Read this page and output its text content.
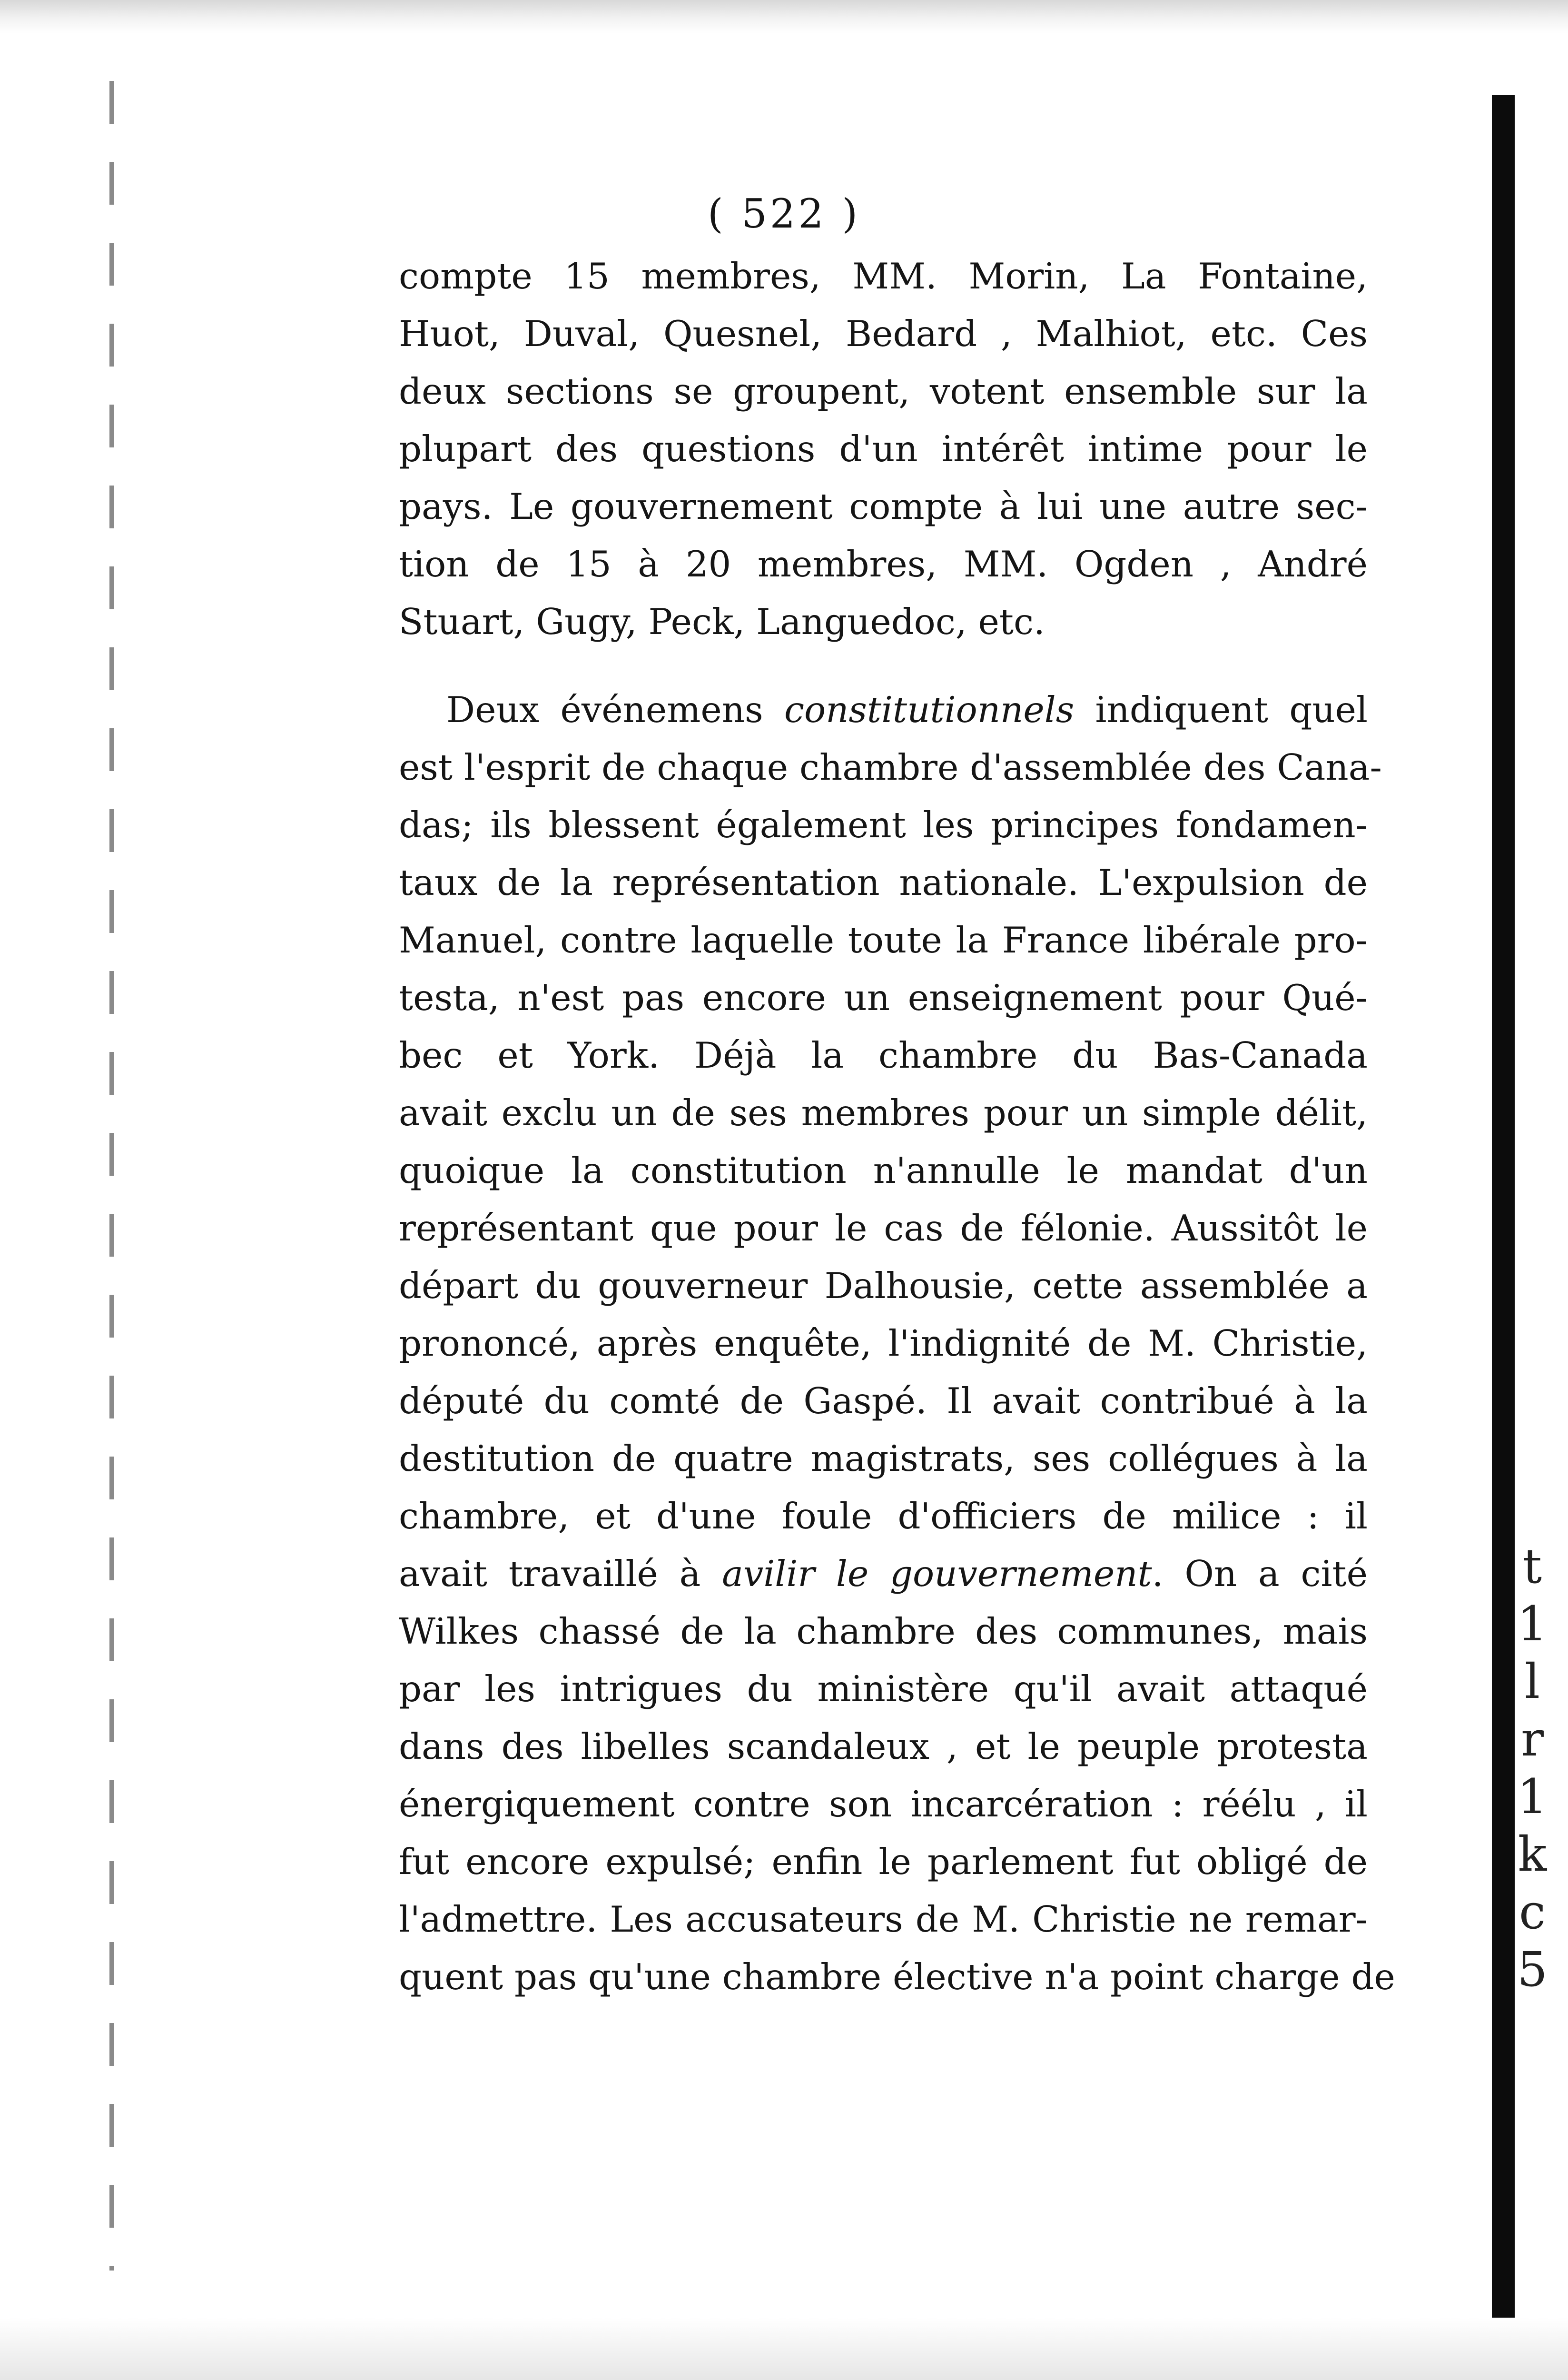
t
1
l
r
1
k
c
5
( 522 )

compte 15 membres, MM. Morin, La Fontaine,
Huot, Duval, Quesnel, Bedard , Malhiot, etc. Ces
deux sections se groupent, votent ensemble sur la
plupart des questions d'un intérêt intime pour le
pays. Le gouvernement compte à lui une autre sec-
tion de 15 à 20 membres, MM. Ogden , André
Stuart, Gugy, Peck, Languedoc, etc.

Deux événemens constitutionnels indiquent quel
est l'esprit de chaque chambre d'assemblée des Cana-
das; ils blessent également les principes fondamen-
taux de la représentation nationale. L'expulsion de
Manuel, contre laquelle toute la France libérale pro-
testa, n'est pas encore un enseignement pour Qué-
bec et York. Déjà la chambre du Bas-Canada
avait exclu un de ses membres pour un simple délit,
quoique la constitution n'annulle le mandat d'un
représentant que pour le cas de félonie. Aussitôt le
départ du gouverneur Dalhousie, cette assemblée a
prononcé, après enquête, l'indignité de M. Christie,
député du comté de Gaspé. Il avait contribué à la
destitution de quatre magistrats, ses collégues à la
chambre, et d'une foule d'officiers de milice : il
avait travaillé à avilir le gouvernement. On a cité
Wilkes chassé de la chambre des communes, mais
par les intrigues du ministère qu'il avait attaqué
dans des libelles scandaleux , et le peuple protesta
énergiquement contre son incarcération : réélu , il
fut encore expulsé; enfin le parlement fut obligé de
l'admettre. Les accusateurs de M. Christie ne remar-
quent pas qu'une chambre élective n'a point charge de
